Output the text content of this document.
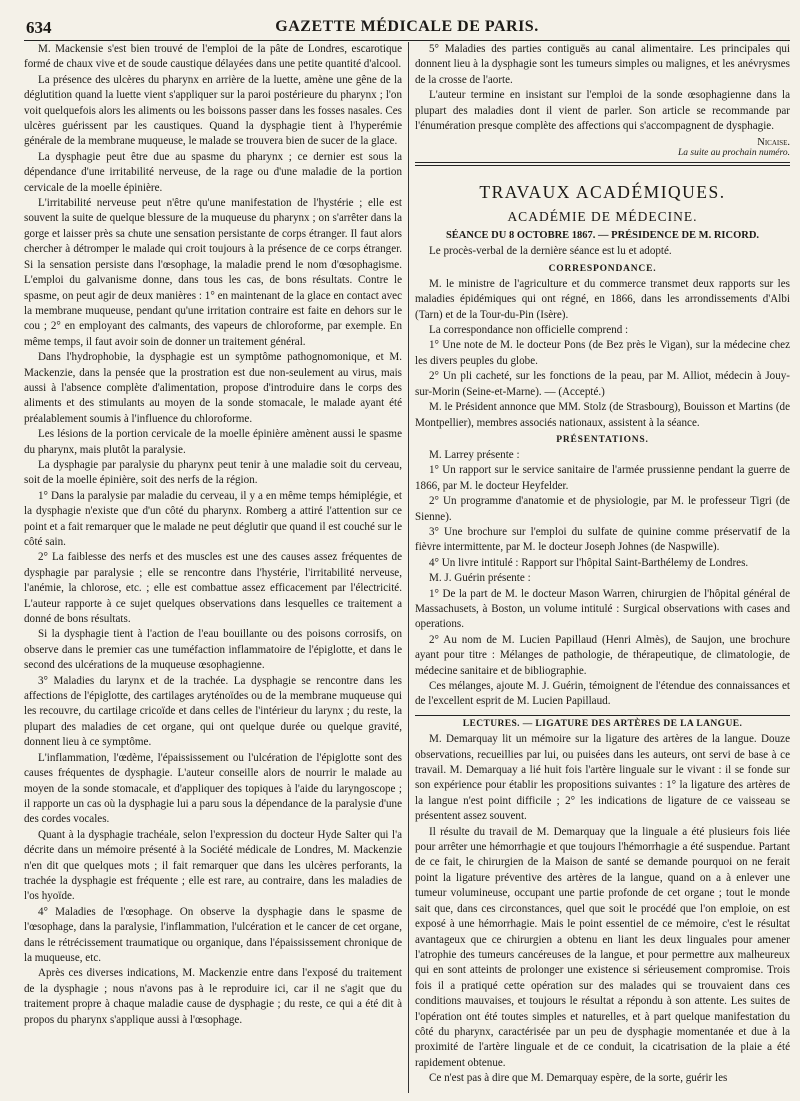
634	GAZETTE MÉDICALE DE PARIS.

M. Mackensie s'est bien trouvé de l'emploi de la pâte de Londres, escarotique formé de chaux vive et de soude caustique délayées dans une petite quantité d'alcool.

La présence des ulcères du pharynx en arrière de la luette, amène une gêne de la déglutition quand la luette vient s'appliquer sur la paroi postérieure du pharynx ; l'on voit quelquefois alors les aliments ou les boissons passer dans les fosses nasales. Ces ulcères guérissent par les caustiques. Quand la dysphagie tient à l'hyperémie générale de la membrane muqueuse, le malade se trouvera bien de sucer de la glace.

La dysphagie peut être due au spasme du pharynx ; ce dernier est sous la dépendance d'une irritabilité nerveuse, de la rage ou d'une maladie de la portion cervicale de la moelle épinière.

L'irritabilité nerveuse peut n'être qu'une manifestation de l'hystérie ; elle est souvent la suite de quelque blessure de la muqueuse du pharynx ; on s'arrêter dans la gorge et laisser près sa chute une sensation persistante de corps étranger. Il faut alors chercher à détromper le malade qui croit toujours à la présence de ce corps étranger. Si la sensation persiste dans l'œsophage, la maladie prend le nom d'œsophagisme. L'emploi du galvanisme donne, dans tous les cas, de bons résultats. Contre le spasme, on peut agir de deux manières : 1° en maintenant de la glace en contact avec la membrane muqueuse, pendant qu'une irritation contraire est faite en dehors sur le cou ; 2° en employant des calmants, des vapeurs de chloroforme, par exemple. En même temps, il faut avoir soin de donner un traitement général.

Dans l'hydrophobie, la dysphagie est un symptôme pathognomonique, et M. Mackenzie, dans la pensée que la prostration est due non-seulement au virus, mais aussi à l'absence complète d'alimentation, propose d'introduire dans le corps des aliments et des stimulants au moyen de la sonde stomacale, le malade ayant été préalablement soumis à l'influence du chloroforme.

Les lésions de la portion cervicale de la moelle épinière amènent aussi le spasme du pharynx, mais plutôt la paralysie.

La dysphagie par paralysie du pharynx peut tenir à une maladie soit du cerveau, soit de la moelle épinière, soit des nerfs de la région.

1° Dans la paralysie par maladie du cerveau, il y a en même temps hémiplégie, et la dysphagie n'existe que d'un côté du pharynx. Romberg a attiré l'attention sur ce point et a fait remarquer que le malade ne peut déglutir que quand il est couché sur le côté sain.

2° La faiblesse des nerfs et des muscles est une des causes assez fréquentes de dysphagie par paralysie ; elle se rencontre dans l'hystérie, l'irritabilité nerveuse, l'anémie, la chlorose, etc. ; elle est combattue assez efficacement par l'électricité. L'auteur rapporte à ce sujet quelques observations dans lesquelles ce traitement a donné de bons résultats.

Si la dysphagie tient à l'action de l'eau bouillante ou des poisons corrosifs, on observe dans le premier cas une tuméfaction inflammatoire de l'épiglotte, et dans le second des ulcérations de la muqueuse œsophagienne.

3° Maladies du larynx et de la trachée. La dysphagie se rencontre dans les affections de l'épiglotte, des cartilages aryténoïdes ou de la membrane muqueuse qui les recouvre, du cartilage cricoïde et dans celles de l'intérieur du larynx ; du reste, la plupart des maladies de cet organe, qui ont quelque durée ou quelque gravité, donnent lieu à ce symptôme.

L'inflammation, l'œdème, l'épaississement ou l'ulcération de l'épiglotte sont des causes fréquentes de dysphagie. L'auteur conseille alors de nourrir le malade au moyen de la sonde stomacale, et d'appliquer des topiques à l'aide du laryngoscope ; il rapporte un cas où la dysphagie lui a paru sous la dépendance de la paralysie d'une des cordes vocales.

Quant à la dysphagie trachéale, selon l'expression du docteur Hyde Salter qui l'a décrite dans un mémoire présenté à la Société médicale de Londres, M. Mackenzie n'en dit que quelques mots ; il fait remarquer que dans les ulcères perforants, la trachée la dysphagie est fréquente ; elle est rare, au contraire, dans les maladies de l'os hyoïde.

4° Maladies de l'œsophage. On observe la dysphagie dans le spasme de l'œsophage, dans la paralysie, l'inflammation, l'ulcération et le cancer de cet organe, dans le rétrécissement traumatique ou organique, dans l'épaississement chronique de la muqueuse, etc.

Après ces diverses indications, M. Mackenzie entre dans l'exposé du traitement de la dysphagie ; nous n'avons pas à le reproduire ici, car il ne s'agit que du traitement propre à chaque maladie cause de dysphagie ; du reste, ce qui a été dit à propos du pharynx s'applique aussi à l'œsophage.

5° Maladies des parties contiguës au canal alimentaire. Les principales qui donnent lieu à la dysphagie sont les tumeurs simples ou malignes, et les anévrysmes de la crosse de l'aorte.

L'auteur termine en insistant sur l'emploi de la sonde œsophagienne dans la plupart des maladies dont il vient de parler. Son article se recommande par l'énumération presque complète des affections qui s'accompagnent de dysphagie.

Nicaise.
La suite au prochain numéro.
TRAVAUX ACADÉMIQUES.
ACADÉMIE DE MÉDECINE.
SÉANCE DU 8 OCTOBRE 1867. — PRÉSIDENCE DE M. RICORD.

Le procès-verbal de la dernière séance est lu et adopté.

CORRESPONDANCE.

M. le ministre de l'agriculture et du commerce transmet deux rapports sur les maladies épidémiques qui ont régné, en 1866, dans les arrondissements d'Albi (Tarn) et de la Tour-du-Pin (Isère).

La correspondance non officielle comprend :

1° Une note de M. le docteur Pons (de Bez près le Vigan), sur la médecine chez les divers peuples du globe.

2° Un pli cacheté, sur les fonctions de la peau, par M. Alliot, médecin à Jouy-sur-Morin (Seine-et-Marne). — (Accepté.)

M. le Président annonce que MM. Stolz (de Strasbourg), Bouisson et Martins (de Montpellier), membres associés nationaux, assistent à la séance.

PRÉSENTATIONS.

M. Larrey présente :

1° Un rapport sur le service sanitaire de l'armée prussienne pendant la guerre de 1866, par M. le docteur Heyfelder.

2° Un programme d'anatomie et de physiologie, par M. le professeur Tigri (de Sienne).

3° Une brochure sur l'emploi du sulfate de quinine comme préservatif de la fièvre intermittente, par M. le docteur Joseph Johnes (de Naspwille).

4° Un livre intitulé : Rapport sur l'hôpital Saint-Barthélemy de Londres.

M. J. Guérin présente :

1° De la part de M. le docteur Mason Warren, chirurgien de l'hôpital général de Massachusets, à Boston, un volume intitulé : Surgical observations with cases and operations.

2° Au nom de M. Lucien Papillaud (Henri Almès), de Saujon, une brochure ayant pour titre : Mélanges de pathologie, de thérapeutique, de climatologie, de médecine sanitaire et de bibliographie.

Ces mélanges, ajoute M. J. Guérin, témoignent de l'étendue des connaissances et de l'excellent esprit de M. Lucien Papillaud.

LECTURES. — LIGATURE DES ARTÈRES DE LA LANGUE.

M. Demarquay lit un mémoire sur la ligature des artères de la langue. Douze observations, recueillies par lui, ou puisées dans les auteurs, ont servi de base à ce travail. M. Demarquay a lié huit fois l'artère linguale sur le vivant : il se fonde sur son expérience pour établir les propositions suivantes : 1° la ligature des artères de la langue n'est point difficile ; 2° les indications de ligature de ce vaisseau se présentent assez souvent.

Il résulte du travail de M. Demarquay que la linguale a été plusieurs fois liée pour arrêter une hémorrhagie et que toujours l'hémorrhagie a été suspendue. Partant de ce fait, le chirurgien de la Maison de santé se demande pourquoi on ne ferait point la ligature préventive des artères de la langue, quand on a à enlever une tumeur volumineuse, occupant une partie profonde de cet organe ; tout le monde sait que, dans ces circonstances, quel que soit le procédé que l'on emploie, on est exposé à une hémorrhagie. Mais le point essentiel de ce mémoire, c'est le résultat avantageux que ce chirurgien a obtenu en liant les deux linguales pour amener l'atrophie des tumeurs cancéreuses de la langue, et pour permettre aux malheureux qui en sont atteints de prolonger une existence si sérieusement compromise. Trois fois il a pratiqué cette opération sur des malades qui se trouvaient dans ces conditions mauvaises, et toujours le résultat a répondu à son attente. Les suites de l'opération ont été toutes simples et naturelles, et à part quelque manifestation du côté du pharynx, caractérisée par un peu de dysphagie momentanée et due à la proximité de l'artère linguale et de ce conduit, la cicatrisation de la plaie a été rapidement obtenue.

Ce n'est pas à dire que M. Demarquay espère, de la sorte, guérir les
